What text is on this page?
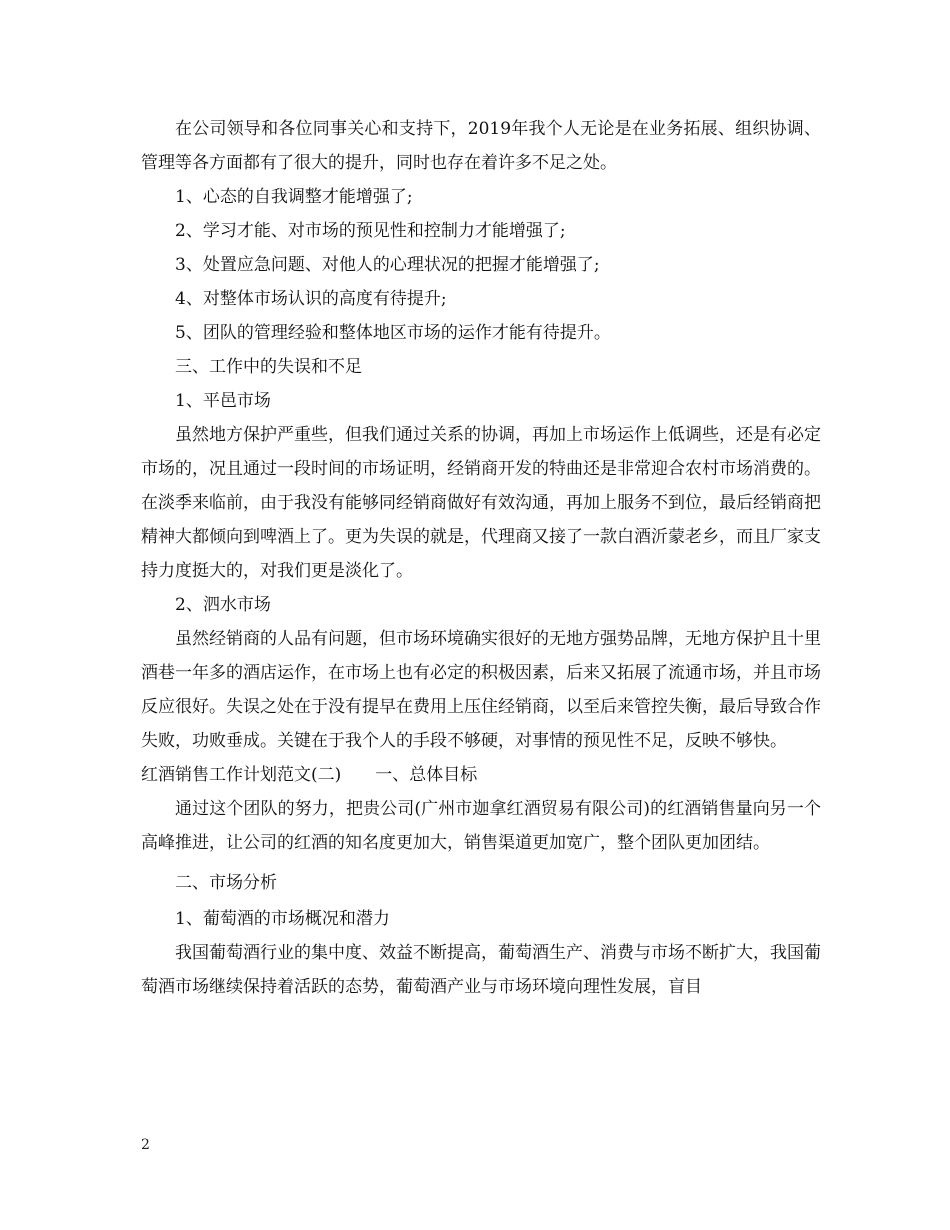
在公司领导和各位同事关心和支持下，2019年我个人无论是在业务拓展、组织协调、管理等各方面都有了很大的提升，同时也存在着许多不足之处。

1、心态的自我调整才能增强了;

2、学习才能、对市场的预见性和控制力才能增强了;

3、处置应急问题、对他人的心理状况的把握才能增强了;

4、对整体市场认识的高度有待提升;

5、团队的管理经验和整体地区市场的运作才能有待提升。

三、工作中的失误和不足

1、平邑市场

虽然地方保护严重些，但我们通过关系的协调，再加上市场运作上低调些，还是有必定市场的，况且通过一段时间的市场证明，经销商开发的特曲还是非常迎合农村市场消费的。在淡季来临前，由于我没有能够同经销商做好有效沟通，再加上服务不到位，最后经销商把精神大都倾向到啤酒上了。更为失误的就是，代理商又接了一款白酒沂蒙老乡，而且厂家支持力度挺大的，对我们更是淡化了。

2、泗水市场

虽然经销商的人品有问题，但市场环境确实很好的无地方强势品牌，无地方保护且十里酒巷一年多的酒店运作，在市场上也有必定的积极因素，后来又拓展了流通市场，并且市场反应很好。失误之处在于没有提早在费用上压住经销商，以至后来管控失衡，最后导致合作失败，功败垂成。关键在于我个人的手段不够硬，对事情的预见性不足，反映不够快。

红酒销售工作计划范文(二)　　一、总体目标

通过这个团队的努力，把贵公司(广州市迦拿红酒贸易有限公司)的红酒销售量向另一个高峰推进，让公司的红酒的知名度更加大，销售渠道更加宽广，整个团队更加团结。

二、市场分析

1、葡萄酒的市场概况和潜力

我国葡萄酒行业的集中度、效益不断提高，葡萄酒生产、消费与市场不断扩大，我国葡萄酒市场继续保持着活跃的态势，葡萄酒产业与市场环境向理性发展，盲目

2
